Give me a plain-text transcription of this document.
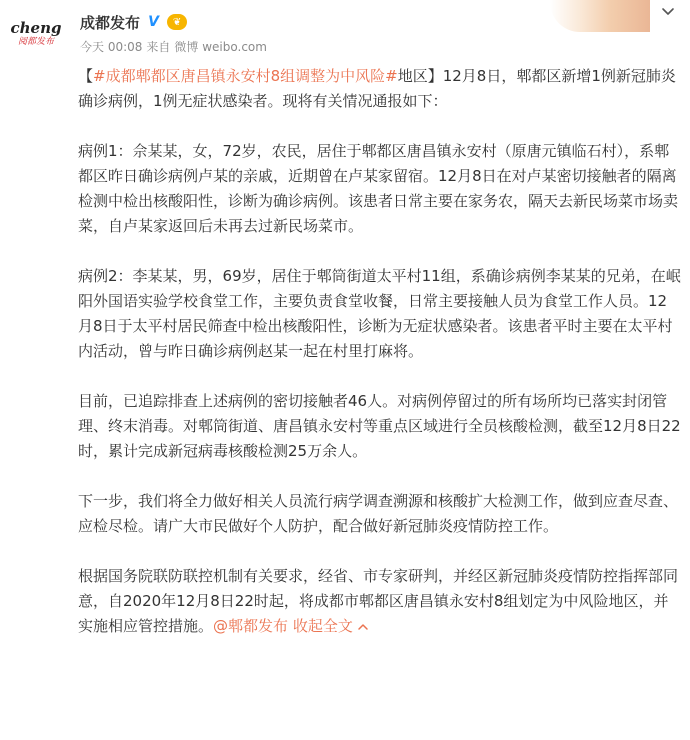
cheng
阅都发布
成都发布 V	❦
今天 00:08 来自 微博 weibo.com

【#成都郫都区唐昌镇永安村8组调整为中风险#地区】12月8日，郫都区新增1例新冠肺炎确诊病例，1例无症状感染者。现将有关情况通报如下：

病例1：佘某某，女，72岁，农民，居住于郫都区唐昌镇永安村（原唐元镇临石村），系郫都区昨日确诊病例卢某的亲戚，近期曾在卢某家留宿。12月8日在对卢某密切接触者的隔离检测中检出核酸阳性，诊断为确诊病例。该患者日常主要在家务农，隔天去新民场菜市场卖菜，自卢某家返回后未再去过新民场菜市。

病例2：李某某，男，69岁，居住于郫筒街道太平村11组，系确诊病例李某某的兄弟，在岷阳外国语实验学校食堂工作，主要负责食堂收餐，日常主要接触人员为食堂工作人员。12月8日于太平村居民筛查中检出核酸阳性，诊断为无症状感染者。该患者平时主要在太平村内活动，曾与昨日确诊病例赵某一起在村里打麻将。

目前，已追踪排查上述病例的密切接触者46人。对病例停留过的所有场所均已落实封闭管理、终末消毒。对郫筒街道、唐昌镇永安村等重点区域进行全员核酸检测，截至12月8日22时，累计完成新冠病毒核酸检测25万余人。

下一步，我们将全力做好相关人员流行病学调查溯源和核酸扩大检测工作，做到应查尽查、应检尽检。请广大市民做好个人防护，配合做好新冠肺炎疫情防控工作。

根据国务院联防联控机制有关要求，经省、市专家研判，并经区新冠肺炎疫情防控指挥部同意，自2020年12月8日22时起，将成都市郫都区唐昌镇永安村8组划定为中风险地区，并实施相应管控措施。@郫都发布 收起全文
